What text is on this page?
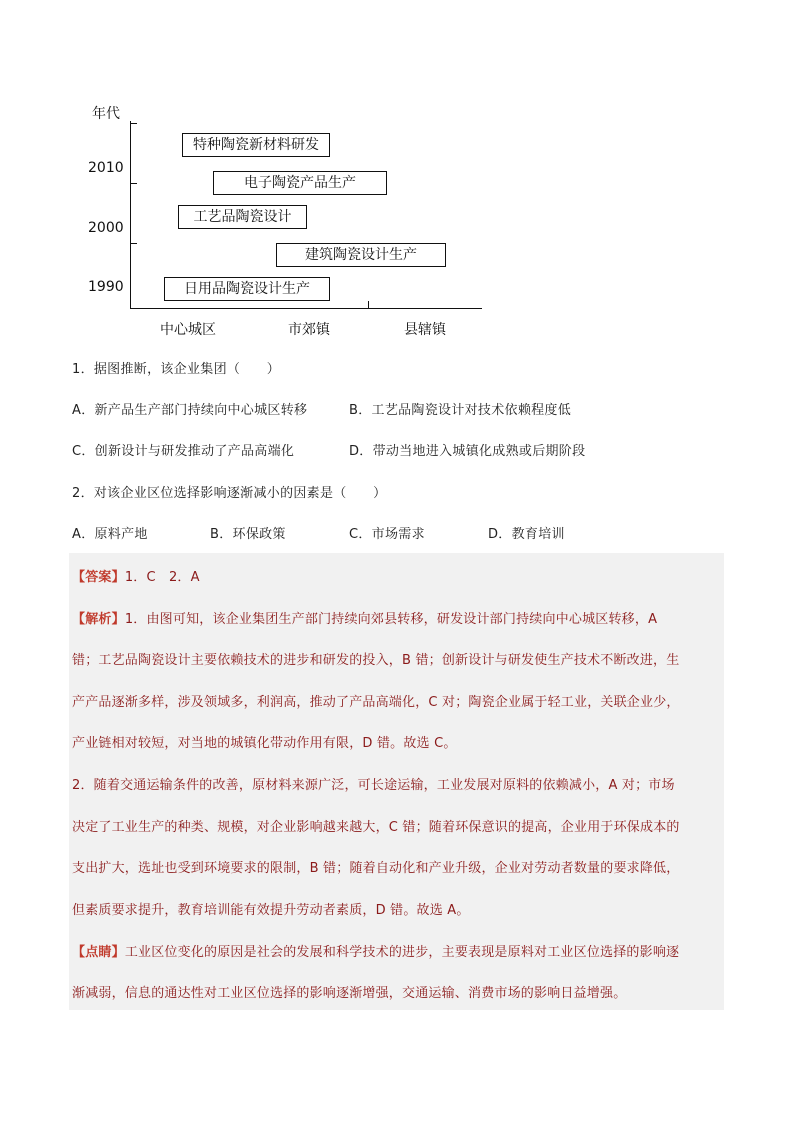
年代
2010
2000
1990
特种陶瓷新材料研发
电子陶瓷产品生产
工艺品陶瓷设计
建筑陶瓷设计生产
日用品陶瓷设计生产
中心城区	市郊镇	县辖镇
1．据图推断，该企业集团（　　）
A．新产品生产部门持续向中心城区转移	B．工艺品陶瓷设计对技术依赖程度低
C．创新设计与研发推动了产品高端化	D．带动当地进入城镇化成熟或后期阶段
2．对该企业区位选择影响逐渐减小的因素是（　　）
A．原料产地	B．环保政策	C．市场需求	D．教育培训
【答案】1．C　2．A
【解析】1．由图可知，该企业集团生产部门持续向郊县转移，研发设计部门持续向中心城区转移，A
错；工艺品陶瓷设计主要依赖技术的进步和研发的投入，B 错；创新设计与研发使生产技术不断改进，生
产产品逐渐多样，涉及领域多，利润高，推动了产品高端化，C 对；陶瓷企业属于轻工业，关联企业少，
产业链相对较短，对当地的城镇化带动作用有限，D 错。故选 C。
2．随着交通运输条件的改善，原材料来源广泛，可长途运输，工业发展对原料的依赖减小，A 对；市场
决定了工业生产的种类、规模，对企业影响越来越大，C 错；随着环保意识的提高，企业用于环保成本的
支出扩大，选址也受到环境要求的限制，B 错；随着自动化和产业升级，企业对劳动者数量的要求降低，
但素质要求提升，教育培训能有效提升劳动者素质，D 错。故选 A。
【点睛】工业区位变化的原因是社会的发展和科学技术的进步，主要表现是原料对工业区位选择的影响逐
渐减弱，信息的通达性对工业区位选择的影响逐渐增强，交通运输、消费市场的影响日益增强。
